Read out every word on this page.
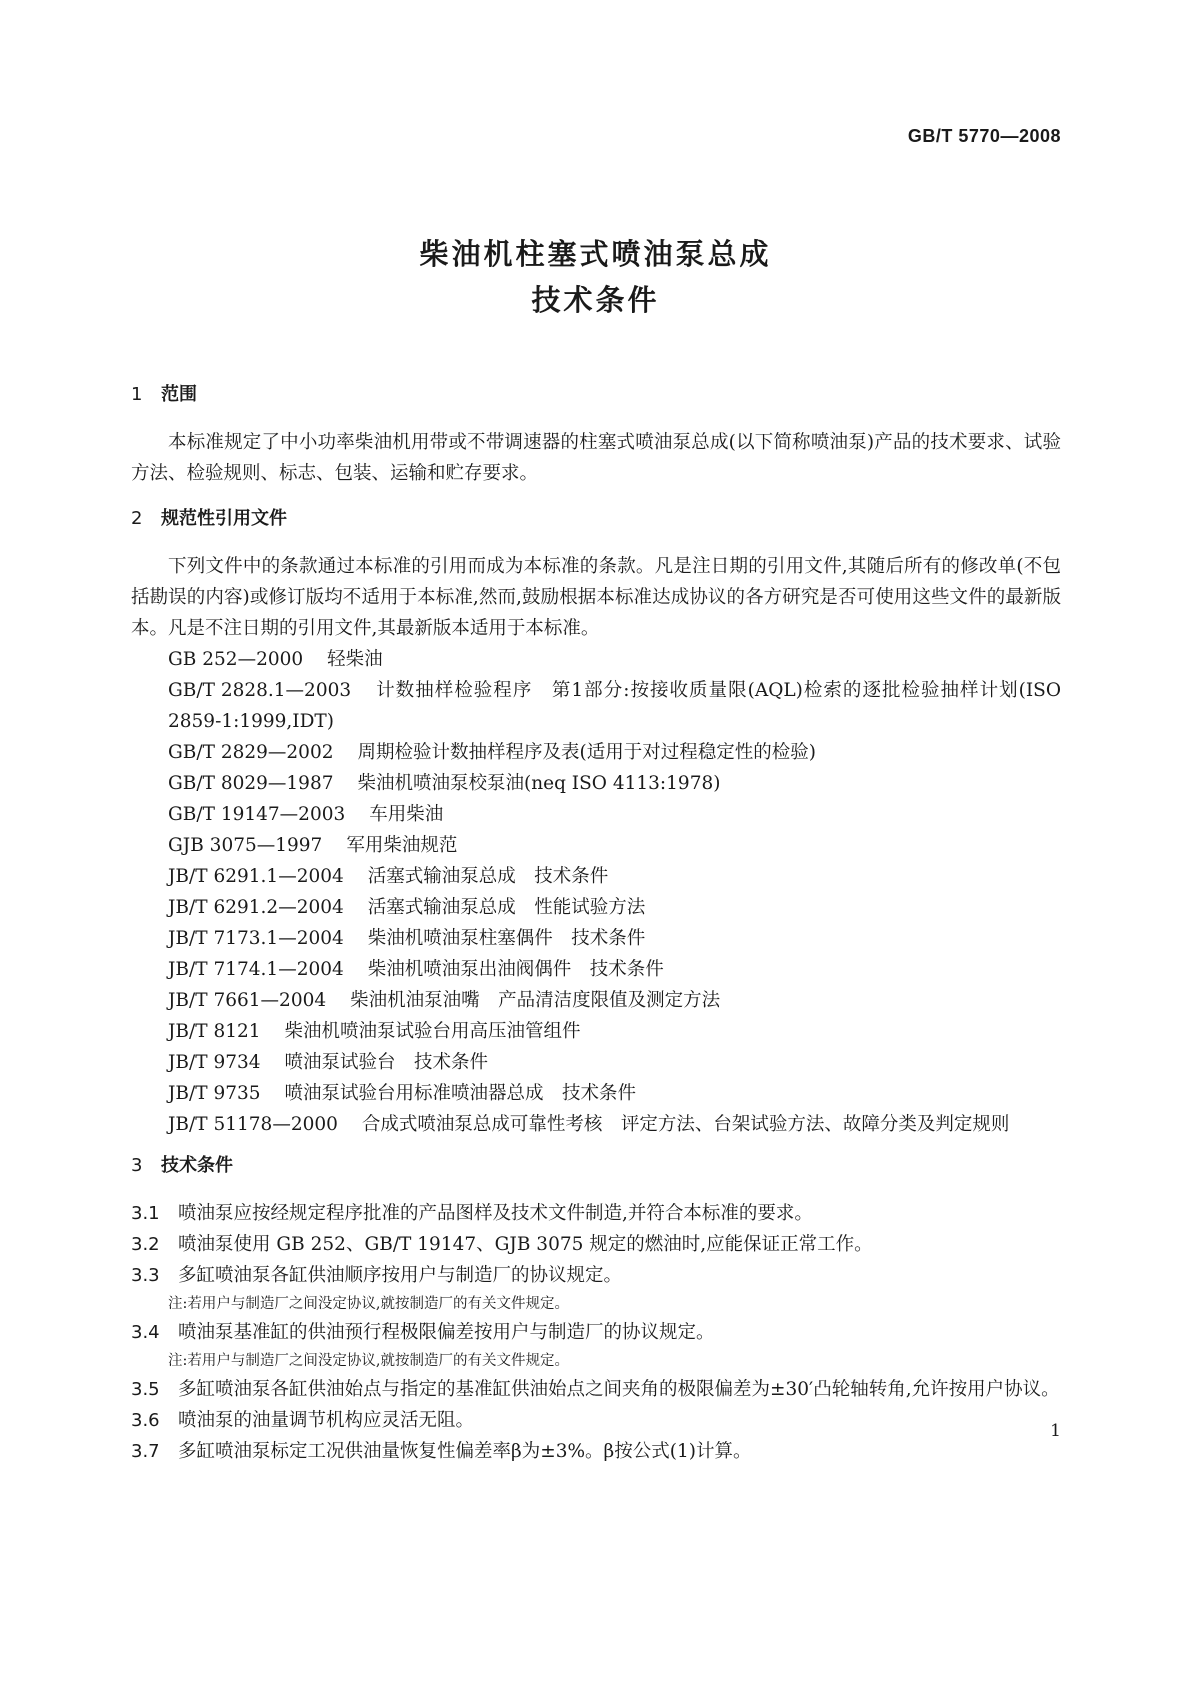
GB/T 5770—2008
柴油机柱塞式喷油泵总成
技术条件
1 范围

本标准规定了中小功率柴油机用带或不带调速器的柱塞式喷油泵总成(以下简称喷油泵)产品的技术要求、试验方法、检验规则、标志、包装、运输和贮存要求。

2 规范性引用文件

下列文件中的条款通过本标准的引用而成为本标准的条款。凡是注日期的引用文件,其随后所有的修改单(不包括勘误的内容)或修订版均不适用于本标准,然而,鼓励根据本标准达成协议的各方研究是否可使用这些文件的最新版本。凡是不注日期的引用文件,其最新版本适用于本标准。

GB 252—2000 轻柴油

GB/T 2828.1—2003 计数抽样检验程序　第1部分:按接收质量限(AQL)检索的逐批检验抽样计划(ISO 2859-1:1999,IDT)

GB/T 2829—2002 周期检验计数抽样程序及表(适用于对过程稳定性的检验)

GB/T 8029—1987 柴油机喷油泵校泵油(neq ISO 4113:1978)

GB/T 19147—2003 车用柴油

GJB 3075—1997 军用柴油规范

JB/T 6291.1—2004 活塞式输油泵总成　技术条件

JB/T 6291.2—2004 活塞式输油泵总成　性能试验方法

JB/T 7173.1—2004 柴油机喷油泵柱塞偶件　技术条件

JB/T 7174.1—2004 柴油机喷油泵出油阀偶件　技术条件

JB/T 7661—2004 柴油机油泵油嘴　产品清洁度限值及测定方法

JB/T 8121 柴油机喷油泵试验台用高压油管组件

JB/T 9734 喷油泵试验台　技术条件

JB/T 9735 喷油泵试验台用标准喷油器总成　技术条件

JB/T 51178—2000 合成式喷油泵总成可靠性考核　评定方法、台架试验方法、故障分类及判定规则

3 技术条件

3.1 喷油泵应按经规定程序批准的产品图样及技术文件制造,并符合本标准的要求。

3.2 喷油泵使用 GB 252、GB/T 19147、GJB 3075 规定的燃油时,应能保证正常工作。

3.3 多缸喷油泵各缸供油顺序按用户与制造厂的协议规定。

注:若用户与制造厂之间没定协议,就按制造厂的有关文件规定。

3.4 喷油泵基准缸的供油预行程极限偏差按用户与制造厂的协议规定。

注:若用户与制造厂之间没定协议,就按制造厂的有关文件规定。

3.5 多缸喷油泵各缸供油始点与指定的基准缸供油始点之间夹角的极限偏差为±30′凸轮轴转角,允许按用户协议。

3.6 喷油泵的油量调节机构应灵活无阻。

3.7 多缸喷油泵标定工况供油量恢复性偏差率β为±3%。β按公式(1)计算。

1
